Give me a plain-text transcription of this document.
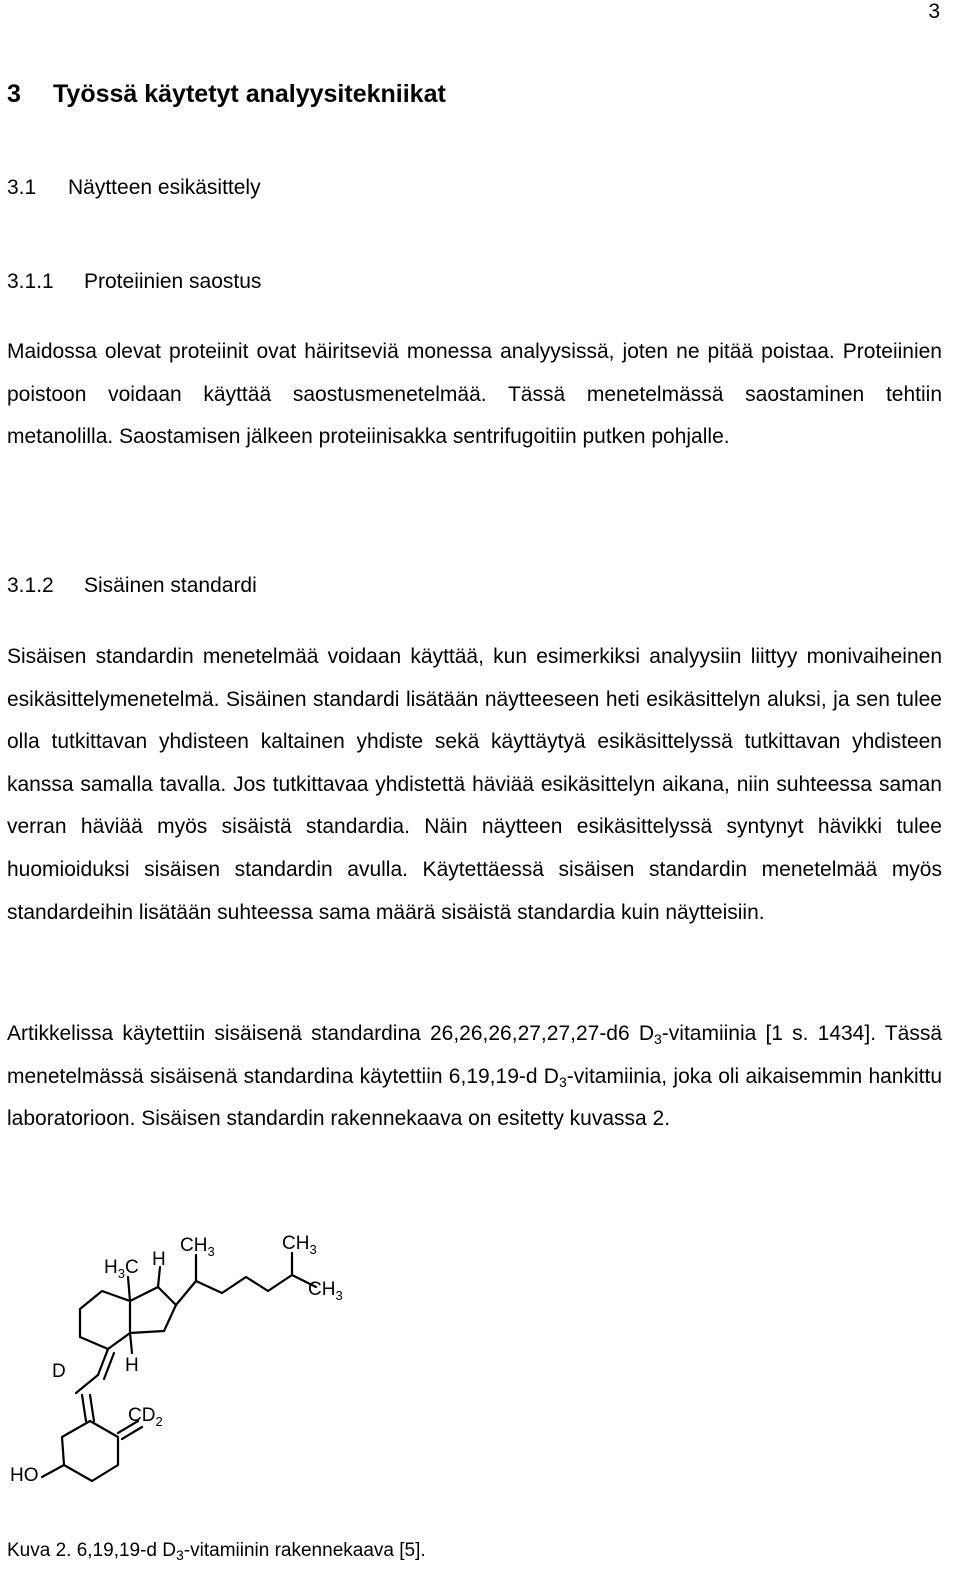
3
3 Työssä käytetyt analyysitekniikat
3.1 Näytteen esikäsittely
3.1.1 Proteiinien saostus

Maidossa olevat proteiinit ovat häiritseviä monessa analyysissä, joten ne pitää poistaa. Proteiinien poistoon voidaan käyttää saostusmenetelmää. Tässä menetelmässä saostaminen tehtiin metanolilla. Saostamisen jälkeen proteiinisakka sentrifugoitiin putken pohjalle.

3.1.2 Sisäinen standardi

Sisäisen standardin menetelmää voidaan käyttää, kun esimerkiksi analyysiin liittyy monivaiheinen esikäsittelymenetelmä. Sisäinen standardi lisätään näytteeseen heti esikäsittelyn aluksi, ja sen tulee olla tutkittavan yhdisteen kaltainen yhdiste sekä käyttäytyä esikäsittelyssä tutkittavan yhdisteen kanssa samalla tavalla. Jos tutkittavaa yhdistettä häviää esikäsittelyn aikana, niin suhteessa saman verran häviää myös sisäistä standardia. Näin näytteen esikäsittelyssä syntynyt hävikki tulee huomioiduksi sisäisen standardin avulla. Käytettäessä sisäisen standardin menetelmää myös standardeihin lisätään suhteessa sama määrä sisäistä standardia kuin näytteisiin.

Artikkelissa käytettiin sisäisenä standardina 26,26,26,27,27,27-d6 $D_3$-vitamiinia [1 s. 1434]. Tässä menetelmässä sisäisenä standardina käytettiin 6,19,19-d $D_3$-vitamiinia, joka oli aikaisemmin hankittu laboratorioon. Sisäisen standardin rakennekaava on esitetty kuvassa 2.

$H_3C$ H
$CH_3$	$CH_3$
$CH_3$
H
D
$CD_2$
HO
Kuva 2. 6,19,19-d $D_3$-vitamiinin rakennekaava [5].
